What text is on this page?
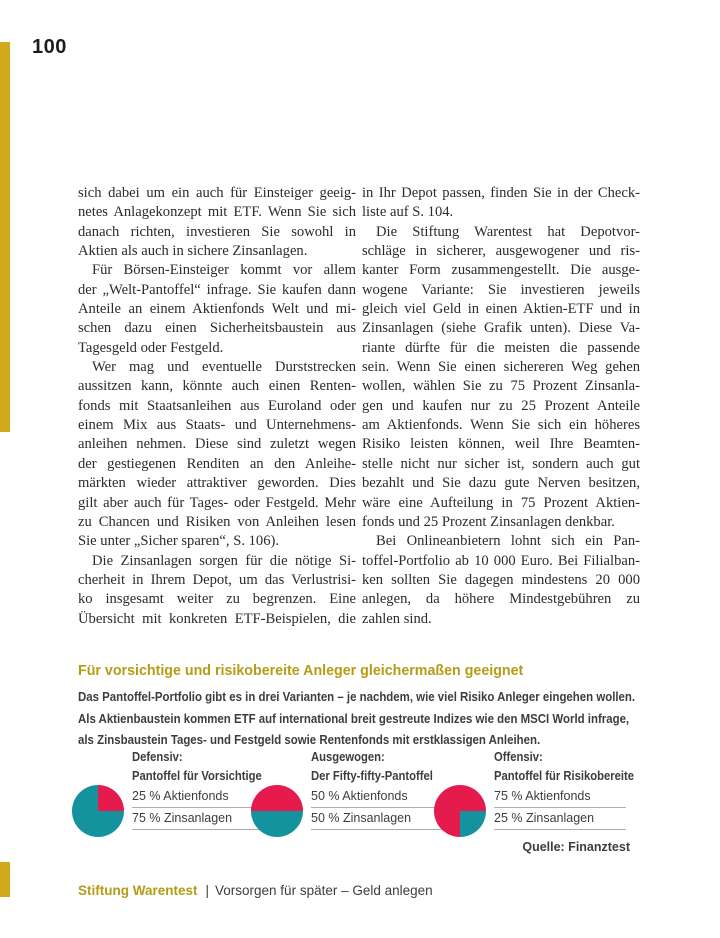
100
sich dabei um ein auch für Einsteiger geeig-
netes Anlagekonzept mit ETF. Wenn Sie sich
danach richten, investieren Sie sowohl in
Aktien als auch in sichere Zinsanlagen.
Für Börsen-Einsteiger kommt vor allem
der „Welt-Pantoffel“ infrage. Sie kaufen dann
Anteile an einem Aktienfonds Welt und mi-
schen dazu einen Sicherheitsbaustein aus
Tagesgeld oder Festgeld.
Wer mag und eventuelle Durststrecken
aussitzen kann, könnte auch einen Renten-
fonds mit Staatsanleihen aus Euroland oder
einem Mix aus Staats- und Unternehmens-
anleihen nehmen. Diese sind zuletzt wegen
der gestiegenen Renditen an den Anleihe-
märkten wieder attraktiver geworden. Dies
gilt aber auch für Tages- oder Festgeld. Mehr
zu Chancen und Risiken von Anleihen lesen
Sie unter „Sicher sparen“, S. 106).
Die Zinsanlagen sorgen für die nötige Si-
cherheit in Ihrem Depot, um das Verlustrisi-
ko insgesamt weiter zu begrenzen. Eine
Übersicht mit konkreten ETF-Beispielen, die
in Ihr Depot passen, finden Sie in der Check-
liste auf S. 104.
Die Stiftung Warentest hat Depotvor-
schläge in sicherer, ausgewogener und ris-
kanter Form zusammengestellt. Die ausge-
wogene Variante: Sie investieren jeweils
gleich viel Geld in einen Aktien-ETF und in
Zinsanlagen (siehe Grafik unten). Diese Va-
riante dürfte für die meisten die passende
sein. Wenn Sie einen sichereren Weg gehen
wollen, wählen Sie zu 75 Prozent Zinsanla-
gen und kaufen nur zu 25 Prozent Anteile
am Aktienfonds. Wenn Sie sich ein höheres
Risiko leisten können, weil Ihre Beamten-
stelle nicht nur sicher ist, sondern auch gut
bezahlt und Sie dazu gute Nerven besitzen,
wäre eine Aufteilung in 75 Prozent Aktien-
fonds und 25 Prozent Zinsanlagen denkbar.
Bei Onlineanbietern lohnt sich ein Pan-
toffel-Portfolio ab 10 000 Euro. Bei Filialban-
ken sollten Sie dagegen mindestens 20 000
anlegen, da höhere Mindestgebühren zu
zahlen sind.
Für vorsichtige und risikobereite Anleger gleichermaßen geeignet
Das Pantoffel-Portfolio gibt es in drei Varianten – je nachdem, wie viel Risiko Anleger eingehen wollen.
Als Aktienbaustein kommen ETF auf international breit gestreute Indizes wie den MSCI World infrage,
als Zinsbaustein Tages- und Festgeld sowie Rentenfonds mit erstklassigen Anleihen.
Defensiv:
Pantoffel für Vorsichtige
25 % Aktienfonds
75 % Zinsanlagen
Ausgewogen:
Der Fifty-fifty-Pantoffel
50 % Aktienfonds
50 % Zinsanlagen
Offensiv:
Pantoffel für Risikobereite
75 % Aktienfonds
25 % Zinsanlagen
Quelle: Finanztest
Stiftung Warentest | Vorsorgen für später – Geld anlegen
